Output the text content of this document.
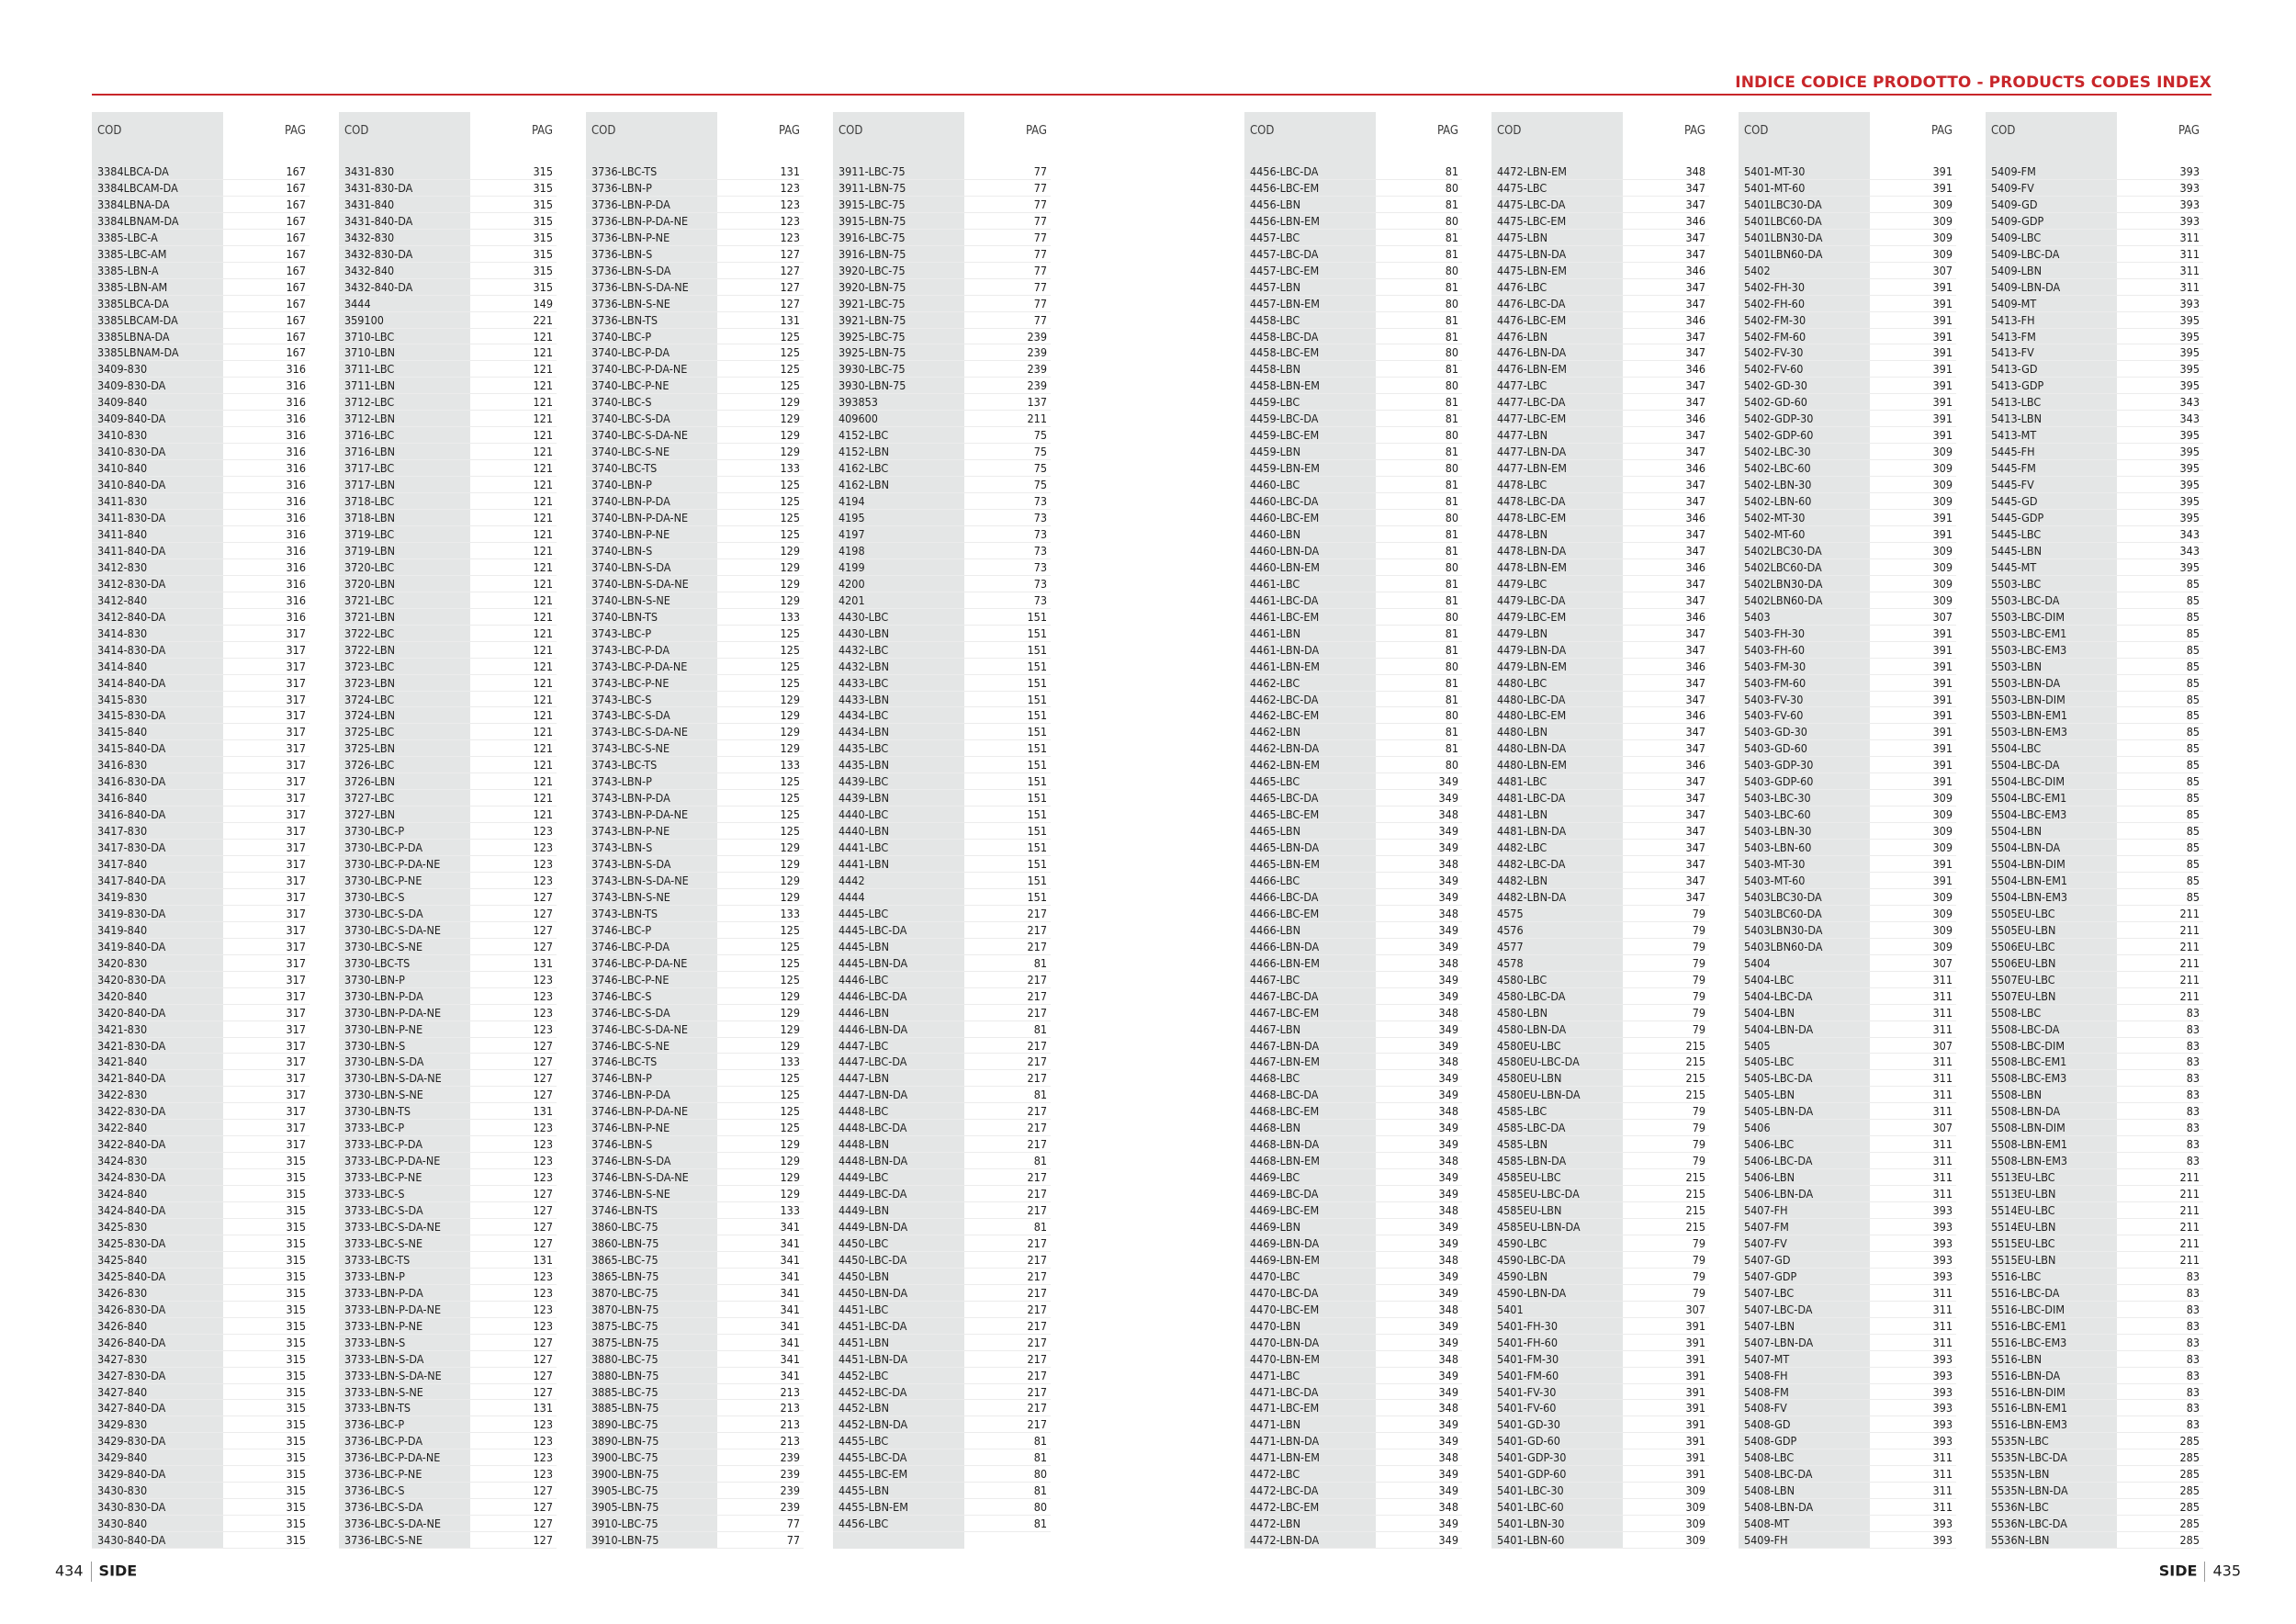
INDICE CODICE PRODOTTO - PRODUCTS CODES INDEX
COD	PAG
3384LBCA-DA	167
3384LBCAM-DA	167
3384LBNA-DA	167
3384LBNAM-DA	167
3385-LBC-A	167
3385-LBC-AM	167
3385-LBN-A	167
3385-LBN-AM	167
3385LBCA-DA	167
3385LBCAM-DA	167
3385LBNA-DA	167
3385LBNAM-DA	167
3409-830	316
3409-830-DA	316
3409-840	316
3409-840-DA	316
3410-830	316
3410-830-DA	316
3410-840	316
3410-840-DA	316
3411-830	316
3411-830-DA	316
3411-840	316
3411-840-DA	316
3412-830	316
3412-830-DA	316
3412-840	316
3412-840-DA	316
3414-830	317
3414-830-DA	317
3414-840	317
3414-840-DA	317
3415-830	317
3415-830-DA	317
3415-840	317
3415-840-DA	317
3416-830	317
3416-830-DA	317
3416-840	317
3416-840-DA	317
3417-830	317
3417-830-DA	317
3417-840	317
3417-840-DA	317
3419-830	317
3419-830-DA	317
3419-840	317
3419-840-DA	317
3420-830	317
3420-830-DA	317
3420-840	317
3420-840-DA	317
3421-830	317
3421-830-DA	317
3421-840	317
3421-840-DA	317
3422-830	317
3422-830-DA	317
3422-840	317
3422-840-DA	317
3424-830	315
3424-830-DA	315
3424-840	315
3424-840-DA	315
3425-830	315
3425-830-DA	315
3425-840	315
3425-840-DA	315
3426-830	315
3426-830-DA	315
3426-840	315
3426-840-DA	315
3427-830	315
3427-830-DA	315
3427-840	315
3427-840-DA	315
3429-830	315
3429-830-DA	315
3429-840	315
3429-840-DA	315
3430-830	315
3430-830-DA	315
3430-840	315
3430-840-DA	315
COD	PAG
3431-830	315
3431-830-DA	315
3431-840	315
3431-840-DA	315
3432-830	315
3432-830-DA	315
3432-840	315
3432-840-DA	315
3444	149
359100	221
3710-LBC	121
3710-LBN	121
3711-LBC	121
3711-LBN	121
3712-LBC	121
3712-LBN	121
3716-LBC	121
3716-LBN	121
3717-LBC	121
3717-LBN	121
3718-LBC	121
3718-LBN	121
3719-LBC	121
3719-LBN	121
3720-LBC	121
3720-LBN	121
3721-LBC	121
3721-LBN	121
3722-LBC	121
3722-LBN	121
3723-LBC	121
3723-LBN	121
3724-LBC	121
3724-LBN	121
3725-LBC	121
3725-LBN	121
3726-LBC	121
3726-LBN	121
3727-LBC	121
3727-LBN	121
3730-LBC-P	123
3730-LBC-P-DA	123
3730-LBC-P-DA-NE	123
3730-LBC-P-NE	123
3730-LBC-S	127
3730-LBC-S-DA	127
3730-LBC-S-DA-NE	127
3730-LBC-S-NE	127
3730-LBC-TS	131
3730-LBN-P	123
3730-LBN-P-DA	123
3730-LBN-P-DA-NE	123
3730-LBN-P-NE	123
3730-LBN-S	127
3730-LBN-S-DA	127
3730-LBN-S-DA-NE	127
3730-LBN-S-NE	127
3730-LBN-TS	131
3733-LBC-P	123
3733-LBC-P-DA	123
3733-LBC-P-DA-NE	123
3733-LBC-P-NE	123
3733-LBC-S	127
3733-LBC-S-DA	127
3733-LBC-S-DA-NE	127
3733-LBC-S-NE	127
3733-LBC-TS	131
3733-LBN-P	123
3733-LBN-P-DA	123
3733-LBN-P-DA-NE	123
3733-LBN-P-NE	123
3733-LBN-S	127
3733-LBN-S-DA	127
3733-LBN-S-DA-NE	127
3733-LBN-S-NE	127
3733-LBN-TS	131
3736-LBC-P	123
3736-LBC-P-DA	123
3736-LBC-P-DA-NE	123
3736-LBC-P-NE	123
3736-LBC-S	127
3736-LBC-S-DA	127
3736-LBC-S-DA-NE	127
3736-LBC-S-NE	127
COD	PAG
3736-LBC-TS	131
3736-LBN-P	123
3736-LBN-P-DA	123
3736-LBN-P-DA-NE	123
3736-LBN-P-NE	123
3736-LBN-S	127
3736-LBN-S-DA	127
3736-LBN-S-DA-NE	127
3736-LBN-S-NE	127
3736-LBN-TS	131
3740-LBC-P	125
3740-LBC-P-DA	125
3740-LBC-P-DA-NE	125
3740-LBC-P-NE	125
3740-LBC-S	129
3740-LBC-S-DA	129
3740-LBC-S-DA-NE	129
3740-LBC-S-NE	129
3740-LBC-TS	133
3740-LBN-P	125
3740-LBN-P-DA	125
3740-LBN-P-DA-NE	125
3740-LBN-P-NE	125
3740-LBN-S	129
3740-LBN-S-DA	129
3740-LBN-S-DA-NE	129
3740-LBN-S-NE	129
3740-LBN-TS	133
3743-LBC-P	125
3743-LBC-P-DA	125
3743-LBC-P-DA-NE	125
3743-LBC-P-NE	125
3743-LBC-S	129
3743-LBC-S-DA	129
3743-LBC-S-DA-NE	129
3743-LBC-S-NE	129
3743-LBC-TS	133
3743-LBN-P	125
3743-LBN-P-DA	125
3743-LBN-P-DA-NE	125
3743-LBN-P-NE	125
3743-LBN-S	129
3743-LBN-S-DA	129
3743-LBN-S-DA-NE	129
3743-LBN-S-NE	129
3743-LBN-TS	133
3746-LBC-P	125
3746-LBC-P-DA	125
3746-LBC-P-DA-NE	125
3746-LBC-P-NE	125
3746-LBC-S	129
3746-LBC-S-DA	129
3746-LBC-S-DA-NE	129
3746-LBC-S-NE	129
3746-LBC-TS	133
3746-LBN-P	125
3746-LBN-P-DA	125
3746-LBN-P-DA-NE	125
3746-LBN-P-NE	125
3746-LBN-S	129
3746-LBN-S-DA	129
3746-LBN-S-DA-NE	129
3746-LBN-S-NE	129
3746-LBN-TS	133
3860-LBC-75	341
3860-LBN-75	341
3865-LBC-75	341
3865-LBN-75	341
3870-LBC-75	341
3870-LBN-75	341
3875-LBC-75	341
3875-LBN-75	341
3880-LBC-75	341
3880-LBN-75	341
3885-LBC-75	213
3885-LBN-75	213
3890-LBC-75	213
3890-LBN-75	213
3900-LBC-75	239
3900-LBN-75	239
3905-LBC-75	239
3905-LBN-75	239
3910-LBC-75	77
3910-LBN-75	77
COD	PAG
3911-LBC-75	77
3911-LBN-75	77
3915-LBC-75	77
3915-LBN-75	77
3916-LBC-75	77
3916-LBN-75	77
3920-LBC-75	77
3920-LBN-75	77
3921-LBC-75	77
3921-LBN-75	77
3925-LBC-75	239
3925-LBN-75	239
3930-LBC-75	239
3930-LBN-75	239
393853	137
409600	211
4152-LBC	75
4152-LBN	75
4162-LBC	75
4162-LBN	75
4194	73
4195	73
4197	73
4198	73
4199	73
4200	73
4201	73
4430-LBC	151
4430-LBN	151
4432-LBC	151
4432-LBN	151
4433-LBC	151
4433-LBN	151
4434-LBC	151
4434-LBN	151
4435-LBC	151
4435-LBN	151
4439-LBC	151
4439-LBN	151
4440-LBC	151
4440-LBN	151
4441-LBC	151
4441-LBN	151
4442	151
4444	151
4445-LBC	217
4445-LBC-DA	217
4445-LBN	217
4445-LBN-DA	81
4446-LBC	217
4446-LBC-DA	217
4446-LBN	217
4446-LBN-DA	81
4447-LBC	217
4447-LBC-DA	217
4447-LBN	217
4447-LBN-DA	81
4448-LBC	217
4448-LBC-DA	217
4448-LBN	217
4448-LBN-DA	81
4449-LBC	217
4449-LBC-DA	217
4449-LBN	217
4449-LBN-DA	81
4450-LBC	217
4450-LBC-DA	217
4450-LBN	217
4450-LBN-DA	217
4451-LBC	217
4451-LBC-DA	217
4451-LBN	217
4451-LBN-DA	217
4452-LBC	217
4452-LBC-DA	217
4452-LBN	217
4452-LBN-DA	217
4455-LBC	81
4455-LBC-DA	81
4455-LBC-EM	80
4455-LBN	81
4455-LBN-EM	80
4456-LBC	81
COD	PAG
4456-LBC-DA	81
4456-LBC-EM	80
4456-LBN	81
4456-LBN-EM	80
4457-LBC	81
4457-LBC-DA	81
4457-LBC-EM	80
4457-LBN	81
4457-LBN-EM	80
4458-LBC	81
4458-LBC-DA	81
4458-LBC-EM	80
4458-LBN	81
4458-LBN-EM	80
4459-LBC	81
4459-LBC-DA	81
4459-LBC-EM	80
4459-LBN	81
4459-LBN-EM	80
4460-LBC	81
4460-LBC-DA	81
4460-LBC-EM	80
4460-LBN	81
4460-LBN-DA	81
4460-LBN-EM	80
4461-LBC	81
4461-LBC-DA	81
4461-LBC-EM	80
4461-LBN	81
4461-LBN-DA	81
4461-LBN-EM	80
4462-LBC	81
4462-LBC-DA	81
4462-LBC-EM	80
4462-LBN	81
4462-LBN-DA	81
4462-LBN-EM	80
4465-LBC	349
4465-LBC-DA	349
4465-LBC-EM	348
4465-LBN	349
4465-LBN-DA	349
4465-LBN-EM	348
4466-LBC	349
4466-LBC-DA	349
4466-LBC-EM	348
4466-LBN	349
4466-LBN-DA	349
4466-LBN-EM	348
4467-LBC	349
4467-LBC-DA	349
4467-LBC-EM	348
4467-LBN	349
4467-LBN-DA	349
4467-LBN-EM	348
4468-LBC	349
4468-LBC-DA	349
4468-LBC-EM	348
4468-LBN	349
4468-LBN-DA	349
4468-LBN-EM	348
4469-LBC	349
4469-LBC-DA	349
4469-LBC-EM	348
4469-LBN	349
4469-LBN-DA	349
4469-LBN-EM	348
4470-LBC	349
4470-LBC-DA	349
4470-LBC-EM	348
4470-LBN	349
4470-LBN-DA	349
4470-LBN-EM	348
4471-LBC	349
4471-LBC-DA	349
4471-LBC-EM	348
4471-LBN	349
4471-LBN-DA	349
4471-LBN-EM	348
4472-LBC	349
4472-LBC-DA	349
4472-LBC-EM	348
4472-LBN	349
4472-LBN-DA	349
COD	PAG
4472-LBN-EM	348
4475-LBC	347
4475-LBC-DA	347
4475-LBC-EM	346
4475-LBN	347
4475-LBN-DA	347
4475-LBN-EM	346
4476-LBC	347
4476-LBC-DA	347
4476-LBC-EM	346
4476-LBN	347
4476-LBN-DA	347
4476-LBN-EM	346
4477-LBC	347
4477-LBC-DA	347
4477-LBC-EM	346
4477-LBN	347
4477-LBN-DA	347
4477-LBN-EM	346
4478-LBC	347
4478-LBC-DA	347
4478-LBC-EM	346
4478-LBN	347
4478-LBN-DA	347
4478-LBN-EM	346
4479-LBC	347
4479-LBC-DA	347
4479-LBC-EM	346
4479-LBN	347
4479-LBN-DA	347
4479-LBN-EM	346
4480-LBC	347
4480-LBC-DA	347
4480-LBC-EM	346
4480-LBN	347
4480-LBN-DA	347
4480-LBN-EM	346
4481-LBC	347
4481-LBC-DA	347
4481-LBN	347
4481-LBN-DA	347
4482-LBC	347
4482-LBC-DA	347
4482-LBN	347
4482-LBN-DA	347
4575	79
4576	79
4577	79
4578	79
4580-LBC	79
4580-LBC-DA	79
4580-LBN	79
4580-LBN-DA	79
4580EU-LBC	215
4580EU-LBC-DA	215
4580EU-LBN	215
4580EU-LBN-DA	215
4585-LBC	79
4585-LBC-DA	79
4585-LBN	79
4585-LBN-DA	79
4585EU-LBC	215
4585EU-LBC-DA	215
4585EU-LBN	215
4585EU-LBN-DA	215
4590-LBC	79
4590-LBC-DA	79
4590-LBN	79
4590-LBN-DA	79
5401	307
5401-FH-30	391
5401-FH-60	391
5401-FM-30	391
5401-FM-60	391
5401-FV-30	391
5401-FV-60	391
5401-GD-30	391
5401-GD-60	391
5401-GDP-30	391
5401-GDP-60	391
5401-LBC-30	309
5401-LBC-60	309
5401-LBN-30	309
5401-LBN-60	309
COD	PAG
5401-MT-30	391
5401-MT-60	391
5401LBC30-DA	309
5401LBC60-DA	309
5401LBN30-DA	309
5401LBN60-DA	309
5402	307
5402-FH-30	391
5402-FH-60	391
5402-FM-30	391
5402-FM-60	391
5402-FV-30	391
5402-FV-60	391
5402-GD-30	391
5402-GD-60	391
5402-GDP-30	391
5402-GDP-60	391
5402-LBC-30	309
5402-LBC-60	309
5402-LBN-30	309
5402-LBN-60	309
5402-MT-30	391
5402-MT-60	391
5402LBC30-DA	309
5402LBC60-DA	309
5402LBN30-DA	309
5402LBN60-DA	309
5403	307
5403-FH-30	391
5403-FH-60	391
5403-FM-30	391
5403-FM-60	391
5403-FV-30	391
5403-FV-60	391
5403-GD-30	391
5403-GD-60	391
5403-GDP-30	391
5403-GDP-60	391
5403-LBC-30	309
5403-LBC-60	309
5403-LBN-30	309
5403-LBN-60	309
5403-MT-30	391
5403-MT-60	391
5403LBC30-DA	309
5403LBC60-DA	309
5403LBN30-DA	309
5403LBN60-DA	309
5404	307
5404-LBC	311
5404-LBC-DA	311
5404-LBN	311
5404-LBN-DA	311
5405	307
5405-LBC	311
5405-LBC-DA	311
5405-LBN	311
5405-LBN-DA	311
5406	307
5406-LBC	311
5406-LBC-DA	311
5406-LBN	311
5406-LBN-DA	311
5407-FH	393
5407-FM	393
5407-FV	393
5407-GD	393
5407-GDP	393
5407-LBC	311
5407-LBC-DA	311
5407-LBN	311
5407-LBN-DA	311
5407-MT	393
5408-FH	393
5408-FM	393
5408-FV	393
5408-GD	393
5408-GDP	393
5408-LBC	311
5408-LBC-DA	311
5408-LBN	311
5408-LBN-DA	311
5408-MT	393
5409-FH	393
COD	PAG
5409-FM	393
5409-FV	393
5409-GD	393
5409-GDP	393
5409-LBC	311
5409-LBC-DA	311
5409-LBN	311
5409-LBN-DA	311
5409-MT	393
5413-FH	395
5413-FM	395
5413-FV	395
5413-GD	395
5413-GDP	395
5413-LBC	343
5413-LBN	343
5413-MT	395
5445-FH	395
5445-FM	395
5445-FV	395
5445-GD	395
5445-GDP	395
5445-LBC	343
5445-LBN	343
5445-MT	395
5503-LBC	85
5503-LBC-DA	85
5503-LBC-DIM	85
5503-LBC-EM1	85
5503-LBC-EM3	85
5503-LBN	85
5503-LBN-DA	85
5503-LBN-DIM	85
5503-LBN-EM1	85
5503-LBN-EM3	85
5504-LBC	85
5504-LBC-DA	85
5504-LBC-DIM	85
5504-LBC-EM1	85
5504-LBC-EM3	85
5504-LBN	85
5504-LBN-DA	85
5504-LBN-DIM	85
5504-LBN-EM1	85
5504-LBN-EM3	85
5505EU-LBC	211
5505EU-LBN	211
5506EU-LBC	211
5506EU-LBN	211
5507EU-LBC	211
5507EU-LBN	211
5508-LBC	83
5508-LBC-DA	83
5508-LBC-DIM	83
5508-LBC-EM1	83
5508-LBC-EM3	83
5508-LBN	83
5508-LBN-DA	83
5508-LBN-DIM	83
5508-LBN-EM1	83
5508-LBN-EM3	83
5513EU-LBC	211
5513EU-LBN	211
5514EU-LBC	211
5514EU-LBN	211
5515EU-LBC	211
5515EU-LBN	211
5516-LBC	83
5516-LBC-DA	83
5516-LBC-DIM	83
5516-LBC-EM1	83
5516-LBC-EM3	83
5516-LBN	83
5516-LBN-DA	83
5516-LBN-DIM	83
5516-LBN-EM1	83
5516-LBN-EM3	83
5535N-LBC	285
5535N-LBC-DA	285
5535N-LBN	285
5535N-LBN-DA	285
5536N-LBC	285
5536N-LBC-DA	285
5536N-LBN	285
434 SIDE	SIDE 435
